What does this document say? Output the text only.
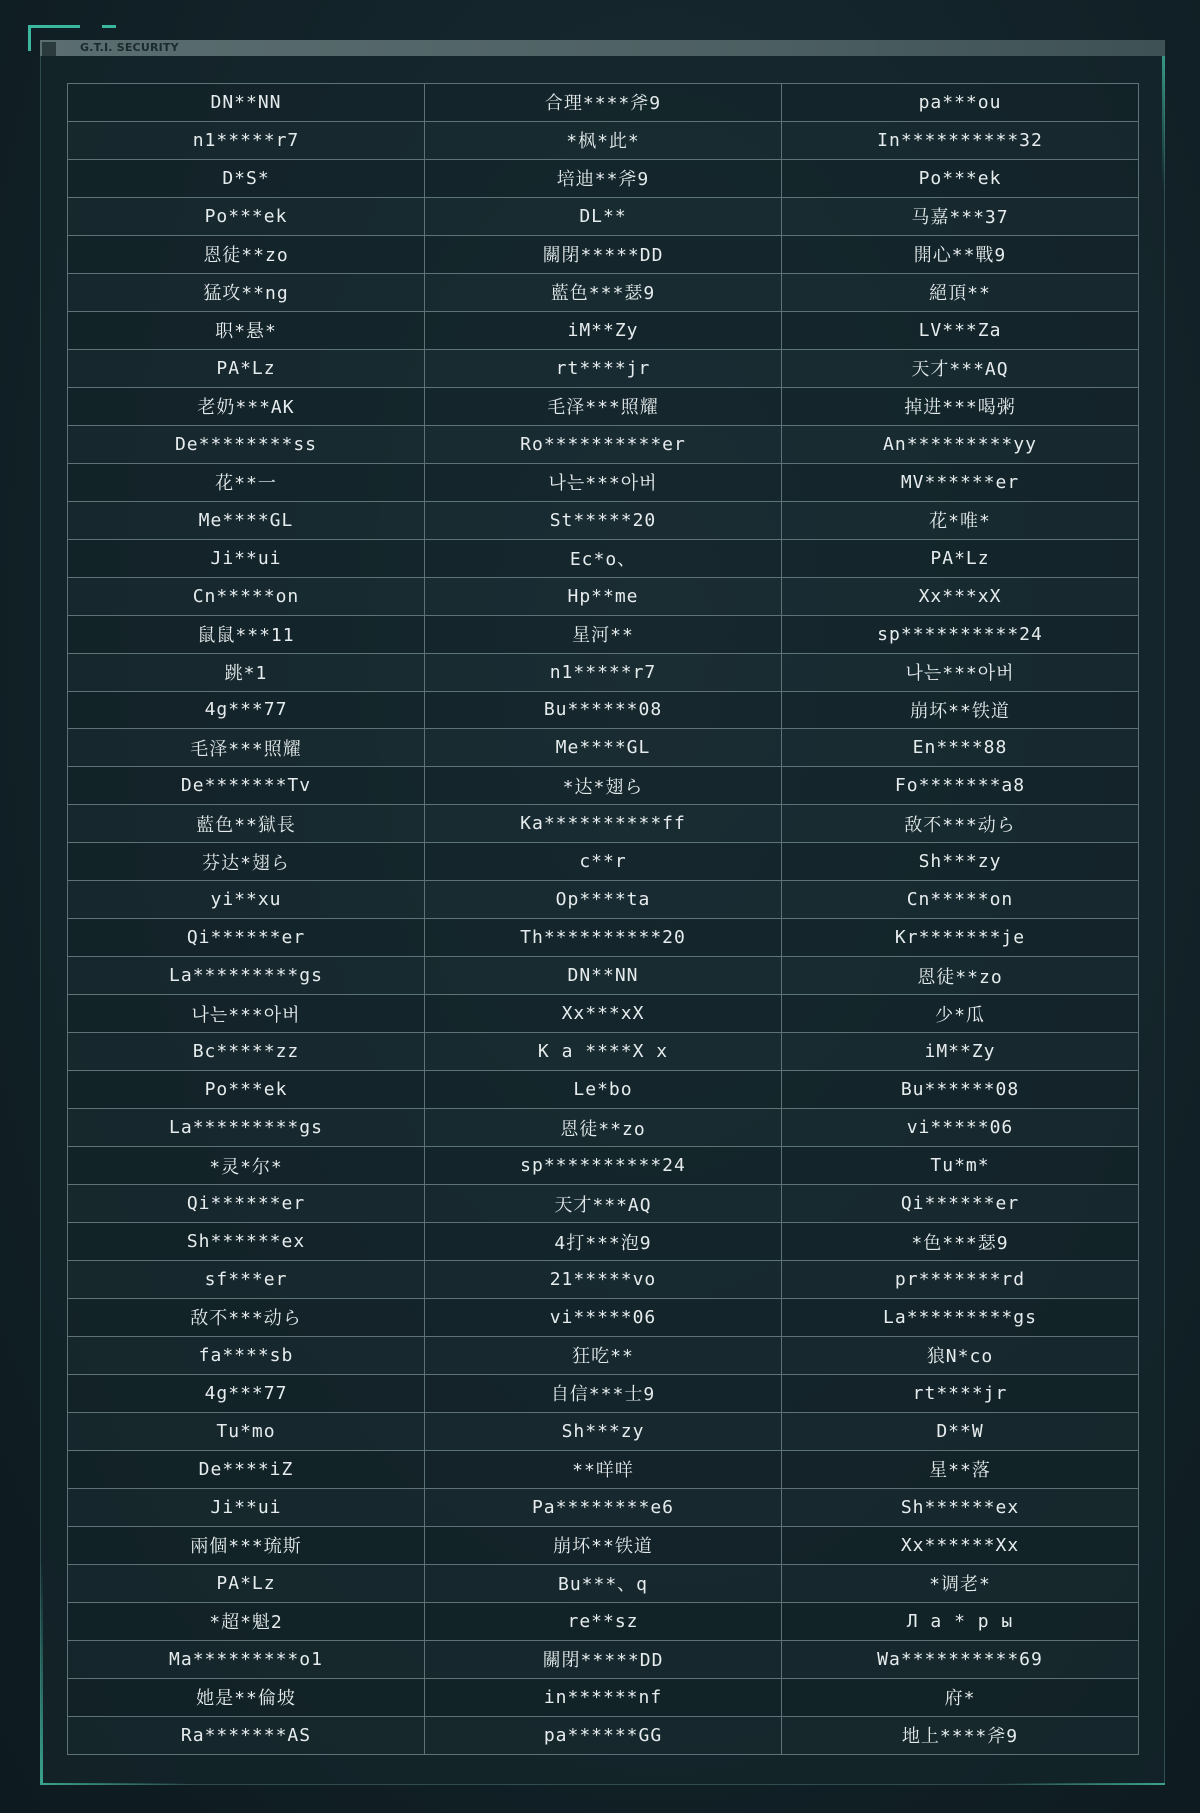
G.T.I. SECURITY
DN**NN	合理****斧9	pa***ou
n1*****r7	*枫*此*	In**********32
D*S*	培迪**斧9	Po***ek
Po***ek	DL**	马嘉***37
恩徒**zo	關閉*****DD	開心**戰9
猛攻**ng	藍色***瑟9	絕頂**
职*悬*	iM**Zy	LV***Za
PA*Lz	rt****jr	天才***AQ
老奶***AK	毛泽***照耀	掉进***喝粥
De********ss	Ro**********er	An*********yy
花**一	나는***아버	MV******er
Me****GL	St*****20	花*唯*
Ji**ui	Ec*o、	PA*Lz
Cn*****on	Hp**me	Xx***xX
鼠鼠***11	星河**	sp**********24
跳*1	n1*****r7	나는***아버
4g***77	Bu******08	崩坏**铁道
毛泽***照耀	Me****GL	En****88
De*******Tv	*达*翅ら	Fo*******a8
藍色**獄長	Ka**********ff	敌不***动ら
芬达*翅ら	c**r	Sh***zy
yi**xu	Op****ta	Cn*****on
Qi******er	Th**********20	Kr*******je
La*********gs	DN**NN	恩徒**zo
나는***아버	Xx***xX	少*瓜
Bc*****zz	K a ****X x	iM**Zy
Po***ek	Le*bo	Bu******08
La*********gs	恩徒**zo	vi*****06
*灵*尔*	sp**********24	Tu*m*
Qi******er	天才***AQ	Qi******er
Sh******ex	4打***泡9	*色***瑟9
sf***er	21*****vo	pr*******rd
敌不***动ら	vi*****06	La*********gs
fa****sb	狂吃**	狼N*co
4g***77	自信***士9	rt****jr
Tu*mo	Sh***zy	D**W
De****iZ	**咩咩	星**落
Ji**ui	Pa********e6	Sh******ex
兩個***琉斯	崩坏**铁道	Xx******Xx
PA*Lz	Bu***、q	*调老*
*超*魁2	re**sz	Л а * р ы
Ma*********o1	關閉*****DD	Wa**********69
她是**倫坡	in******nf	府*
Ra*******AS	pa******GG	地上****斧9
